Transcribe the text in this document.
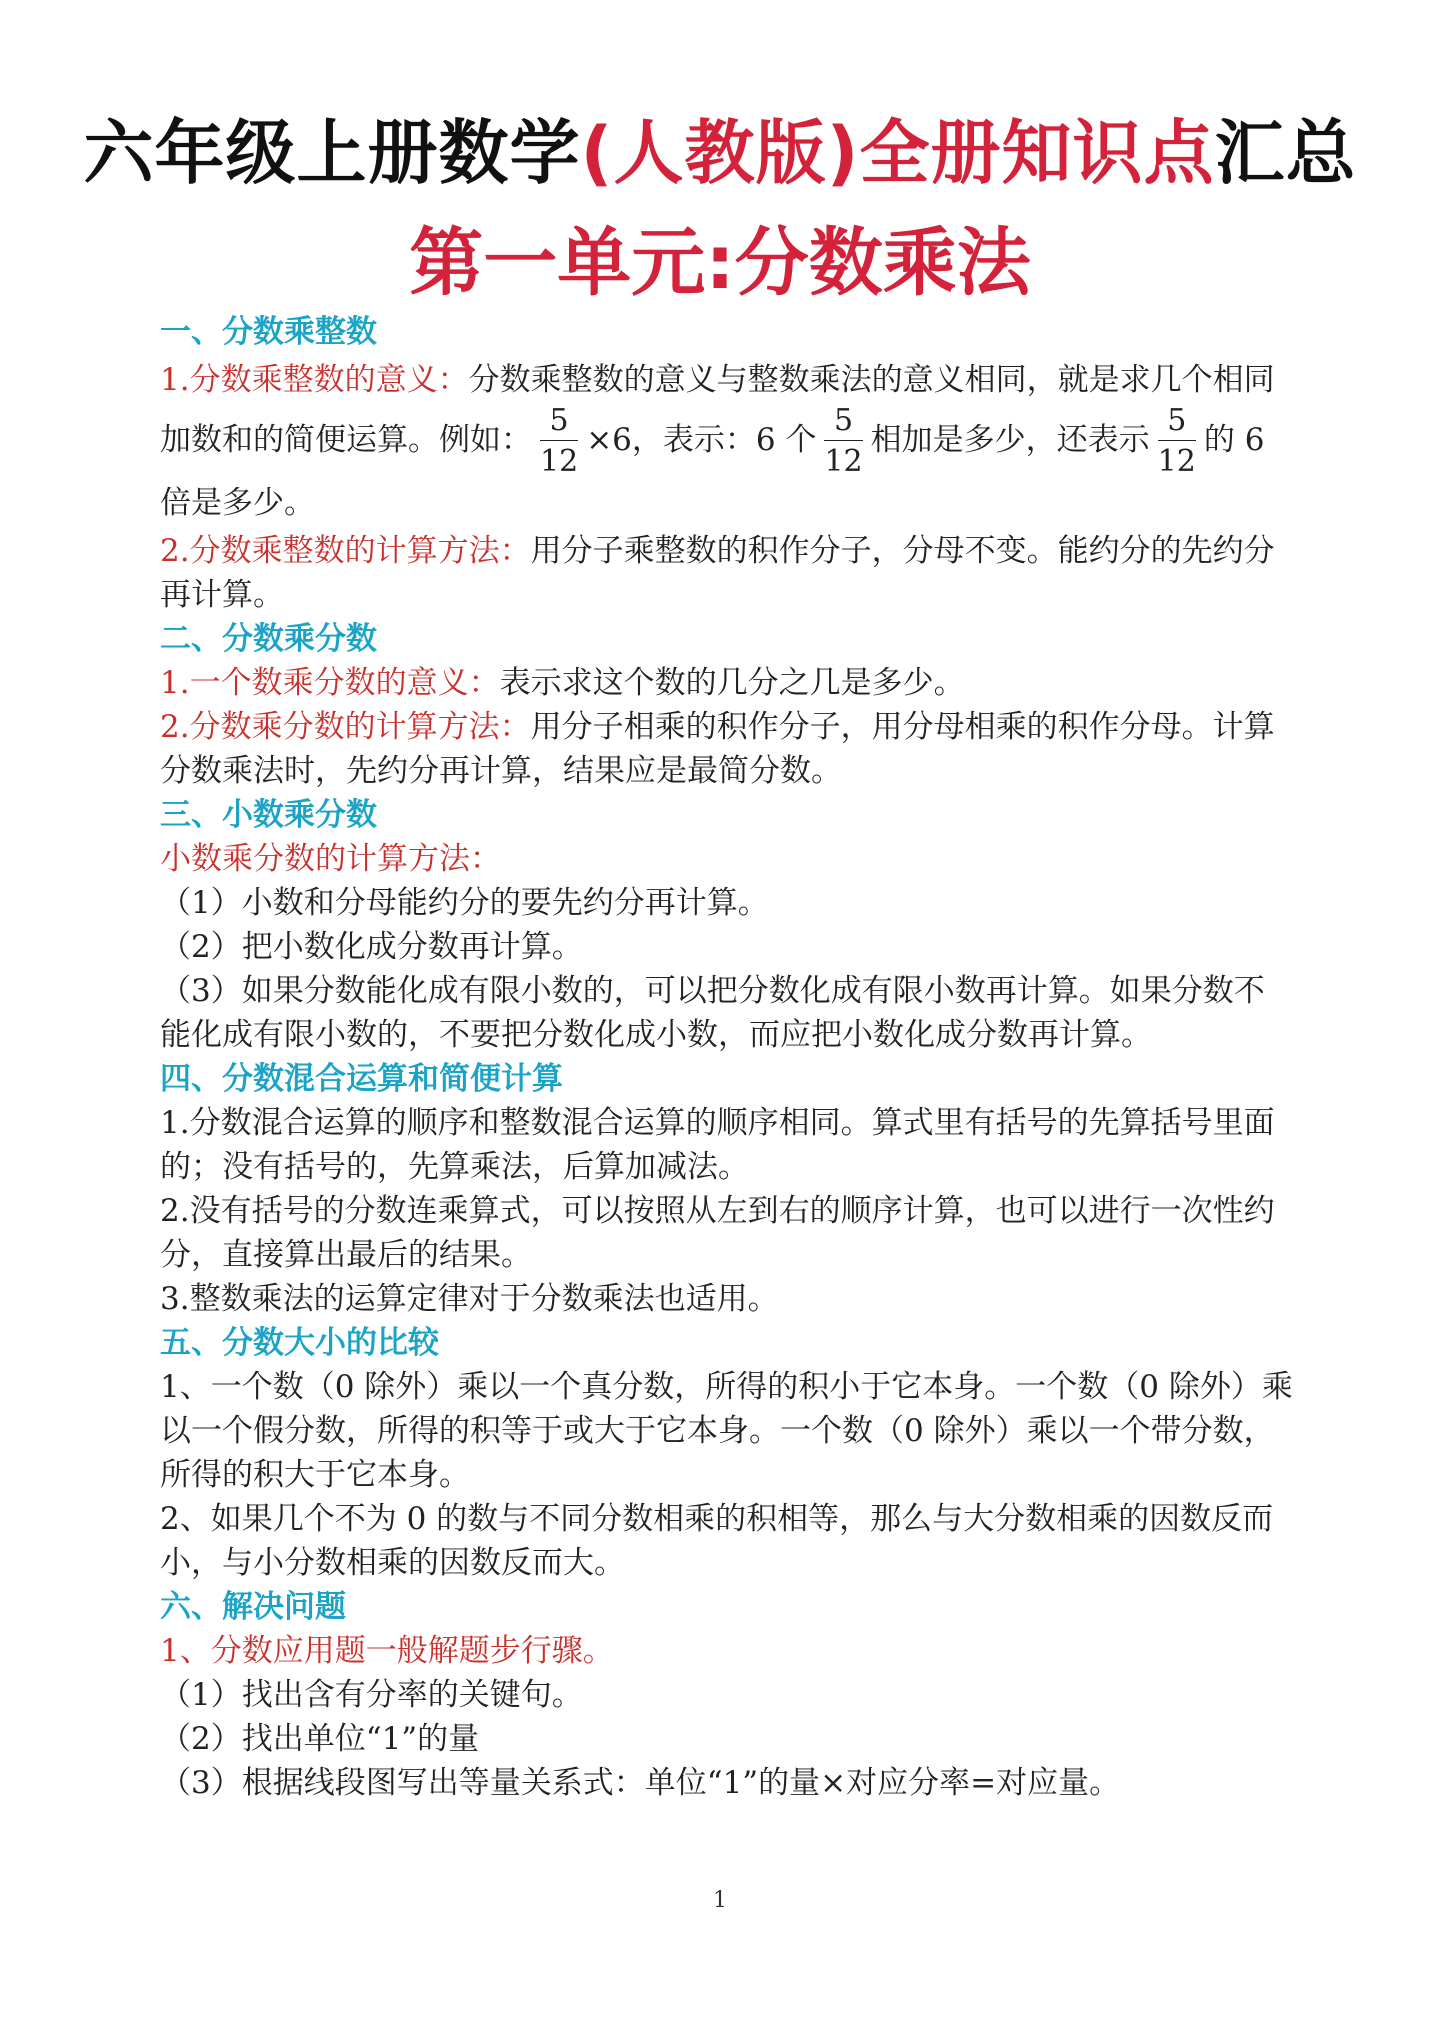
六年级上册数学(人教版)全册知识点汇总
第一单元:分数乘法
一、分数乘整数

1.分数乘整数的意义：分数乘整数的意义与整数乘法的意义相同，就是求几个相同加数和的简便运算。例如： $\frac{5}{12} \times 6$，表示：6 个 $\frac{5}{12}$ 相加是多少，还表示 $\frac{5}{12}$ 的 6 倍是多少。

2.分数乘整数的计算方法：用分子乘整数的积作分子，分母不变。能约分的先约分再计算。

二、分数乘分数

1.一个数乘分数的意义：表示求这个数的几分之几是多少。

2.分数乘分数的计算方法：用分子相乘的积作分子，用分母相乘的积作分母。计算分数乘法时，先约分再计算，结果应是最简分数。

三、小数乘分数

小数乘分数的计算方法：

（1）小数和分母能约分的要先约分再计算。

（2）把小数化成分数再计算。

（3）如果分数能化成有限小数的，可以把分数化成有限小数再计算。如果分数不能化成有限小数的，不要把分数化成小数，而应把小数化成分数再计算。

四、分数混合运算和简便计算

1.分数混合运算的顺序和整数混合运算的顺序相同。算式里有括号的先算括号里面的；没有括号的，先算乘法，后算加减法。

2.没有括号的分数连乘算式，可以按照从左到右的顺序计算，也可以进行一次性约分，直接算出最后的结果。

3.整数乘法的运算定律对于分数乘法也适用。

五、分数大小的比较

1、一个数（0 除外）乘以一个真分数，所得的积小于它本身。一个数（0 除外）乘以一个假分数，所得的积等于或大于它本身。一个数（0 除外）乘以一个带分数，所得的积大于它本身。

2、如果几个不为 0 的数与不同分数相乘的积相等，那么与大分数相乘的因数反而小，与小分数相乘的因数反而大。

六、解决问题

1、分数应用题一般解题步行骤。

（1）找出含有分率的关键句。

（2）找出单位“1”的量

（3）根据线段图写出等量关系式：单位“1”的量×对应分率=对应量。

1
